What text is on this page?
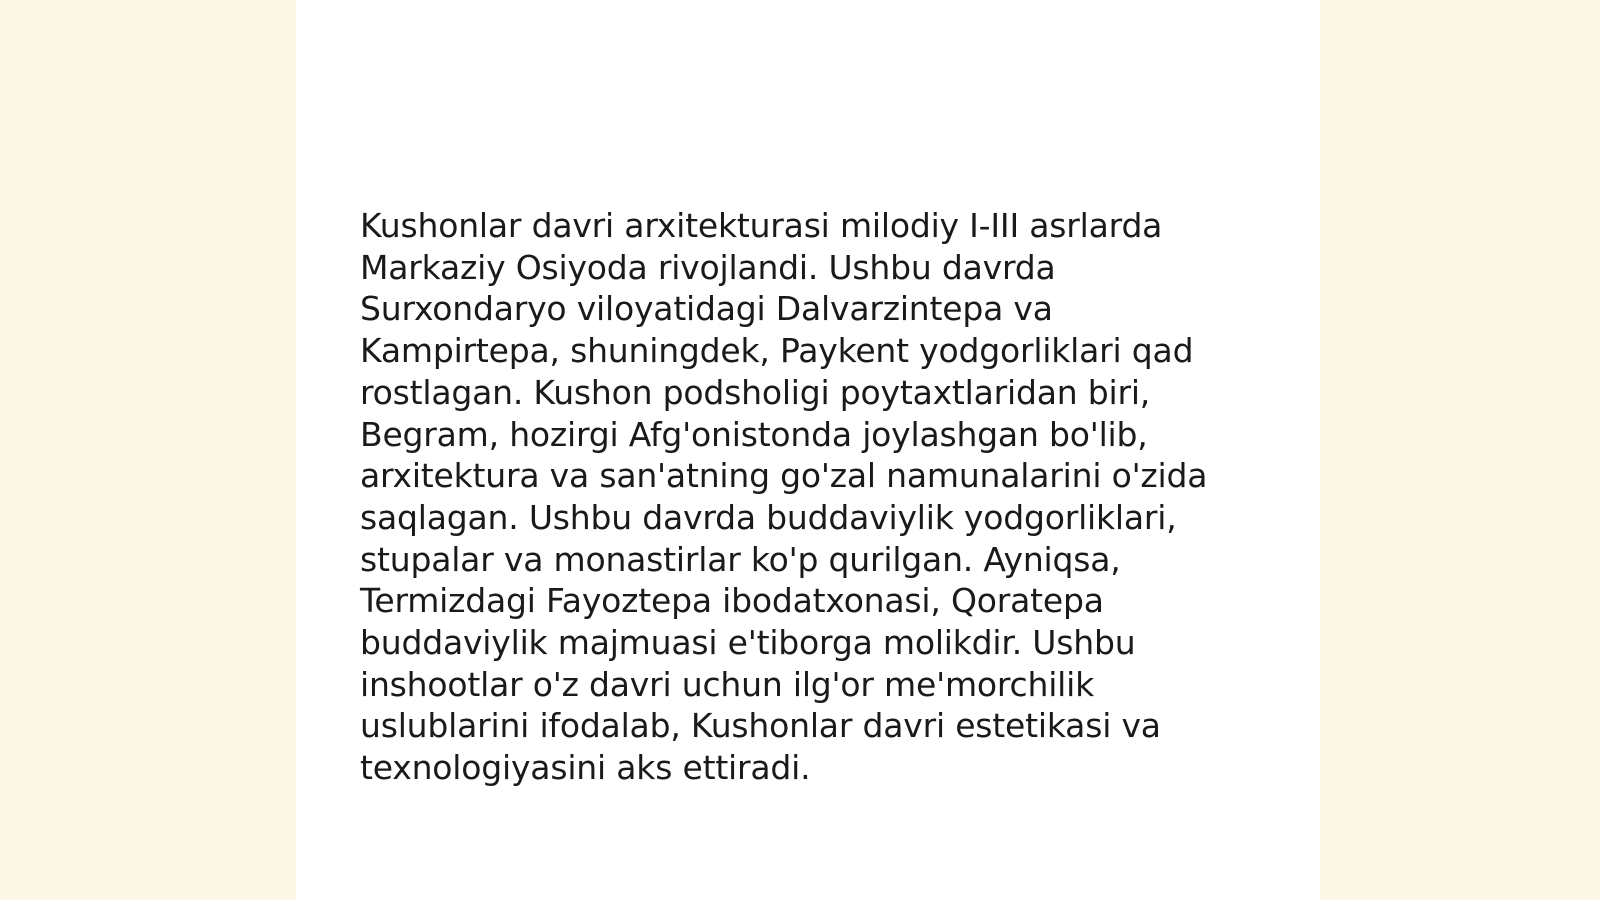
Kushonlar davri arxitekturasi milodiy I-III asrlarda
Markaziy Osiyoda rivojlandi. Ushbu davrda
Surxondaryo viloyatidagi Dalvarzintepa va
Kampirtepa, shuningdek, Paykent yodgorliklari qad
rostlagan. Kushon podsholigi poytaxtlaridan biri,
Begram, hozirgi Afg'onistonda joylashgan bo'lib,
arxitektura va san'atning go'zal namunalarini o'zida
saqlagan. Ushbu davrda buddaviylik yodgorliklari,
stupalar va monastirlar ko'p qurilgan. Ayniqsa,
Termizdagi Fayoztepa ibodatxonasi, Qoratepa
buddaviylik majmuasi e'tiborga molikdir. Ushbu
inshootlar o'z davri uchun ilg'or me'morchilik
uslublarini ifodalab, Kushonlar davri estetikasi va
texnologiyasini aks ettiradi.
